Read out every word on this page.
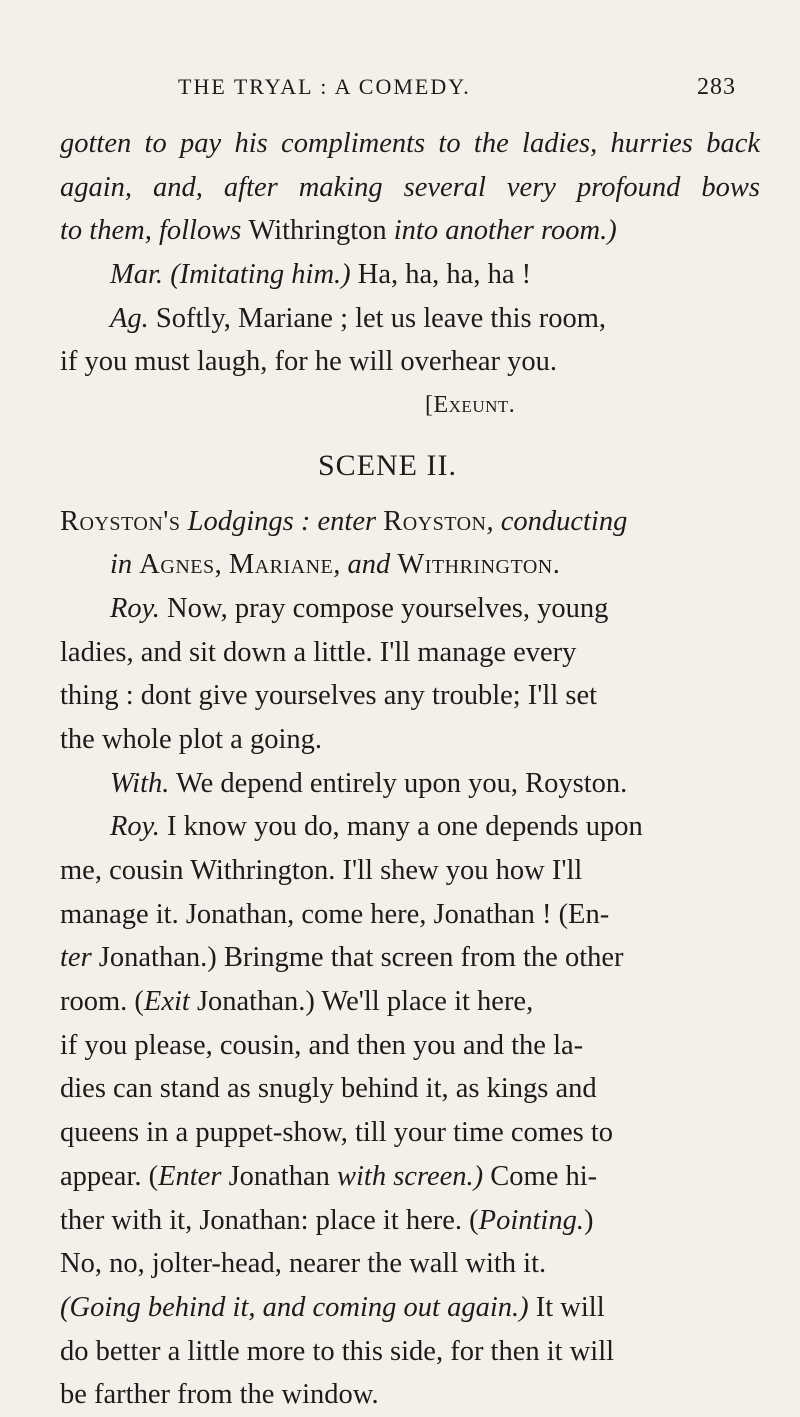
THE TRYAL : A COMEDY.	283
gotten to pay his compliments to the ladies, hurries back
again, and, after making several very profound bows
to them, follows Withrington into another room.)
Mar. (Imitating him.) Ha, ha, ha, ha !
Ag. Softly, Mariane ; let us leave this room,
if you must laugh, for he will overhear you.
[Exeunt.
SCENE II.
Royston's Lodgings : enter Royston, conducting
in Agnes, Mariane, and Withrington.
Roy. Now, pray compose yourselves, young
ladies, and sit down a little. I'll manage every
thing : dont give yourselves any trouble; I'll set
the whole plot a going.
With. We depend entirely upon you, Royston.
Roy. I know you do, many a one depends upon
me, cousin Withrington. I'll shew you how I'll
manage it. Jonathan, come here, Jonathan ! (En-
ter Jonathan.) Bringme that screen from the other
room. (Exit Jonathan.) We'll place it here,
if you please, cousin, and then you and the la-
dies can stand as snugly behind it, as kings and
queens in a puppet-show, till your time comes to
appear. (Enter Jonathan with screen.) Come hi-
ther with it, Jonathan: place it here. (Pointing.)
No, no, jolter-head, nearer the wall with it.
(Going behind it, and coming out again.) It will
do better a little more to this side, for then it will
be farther from the window.
